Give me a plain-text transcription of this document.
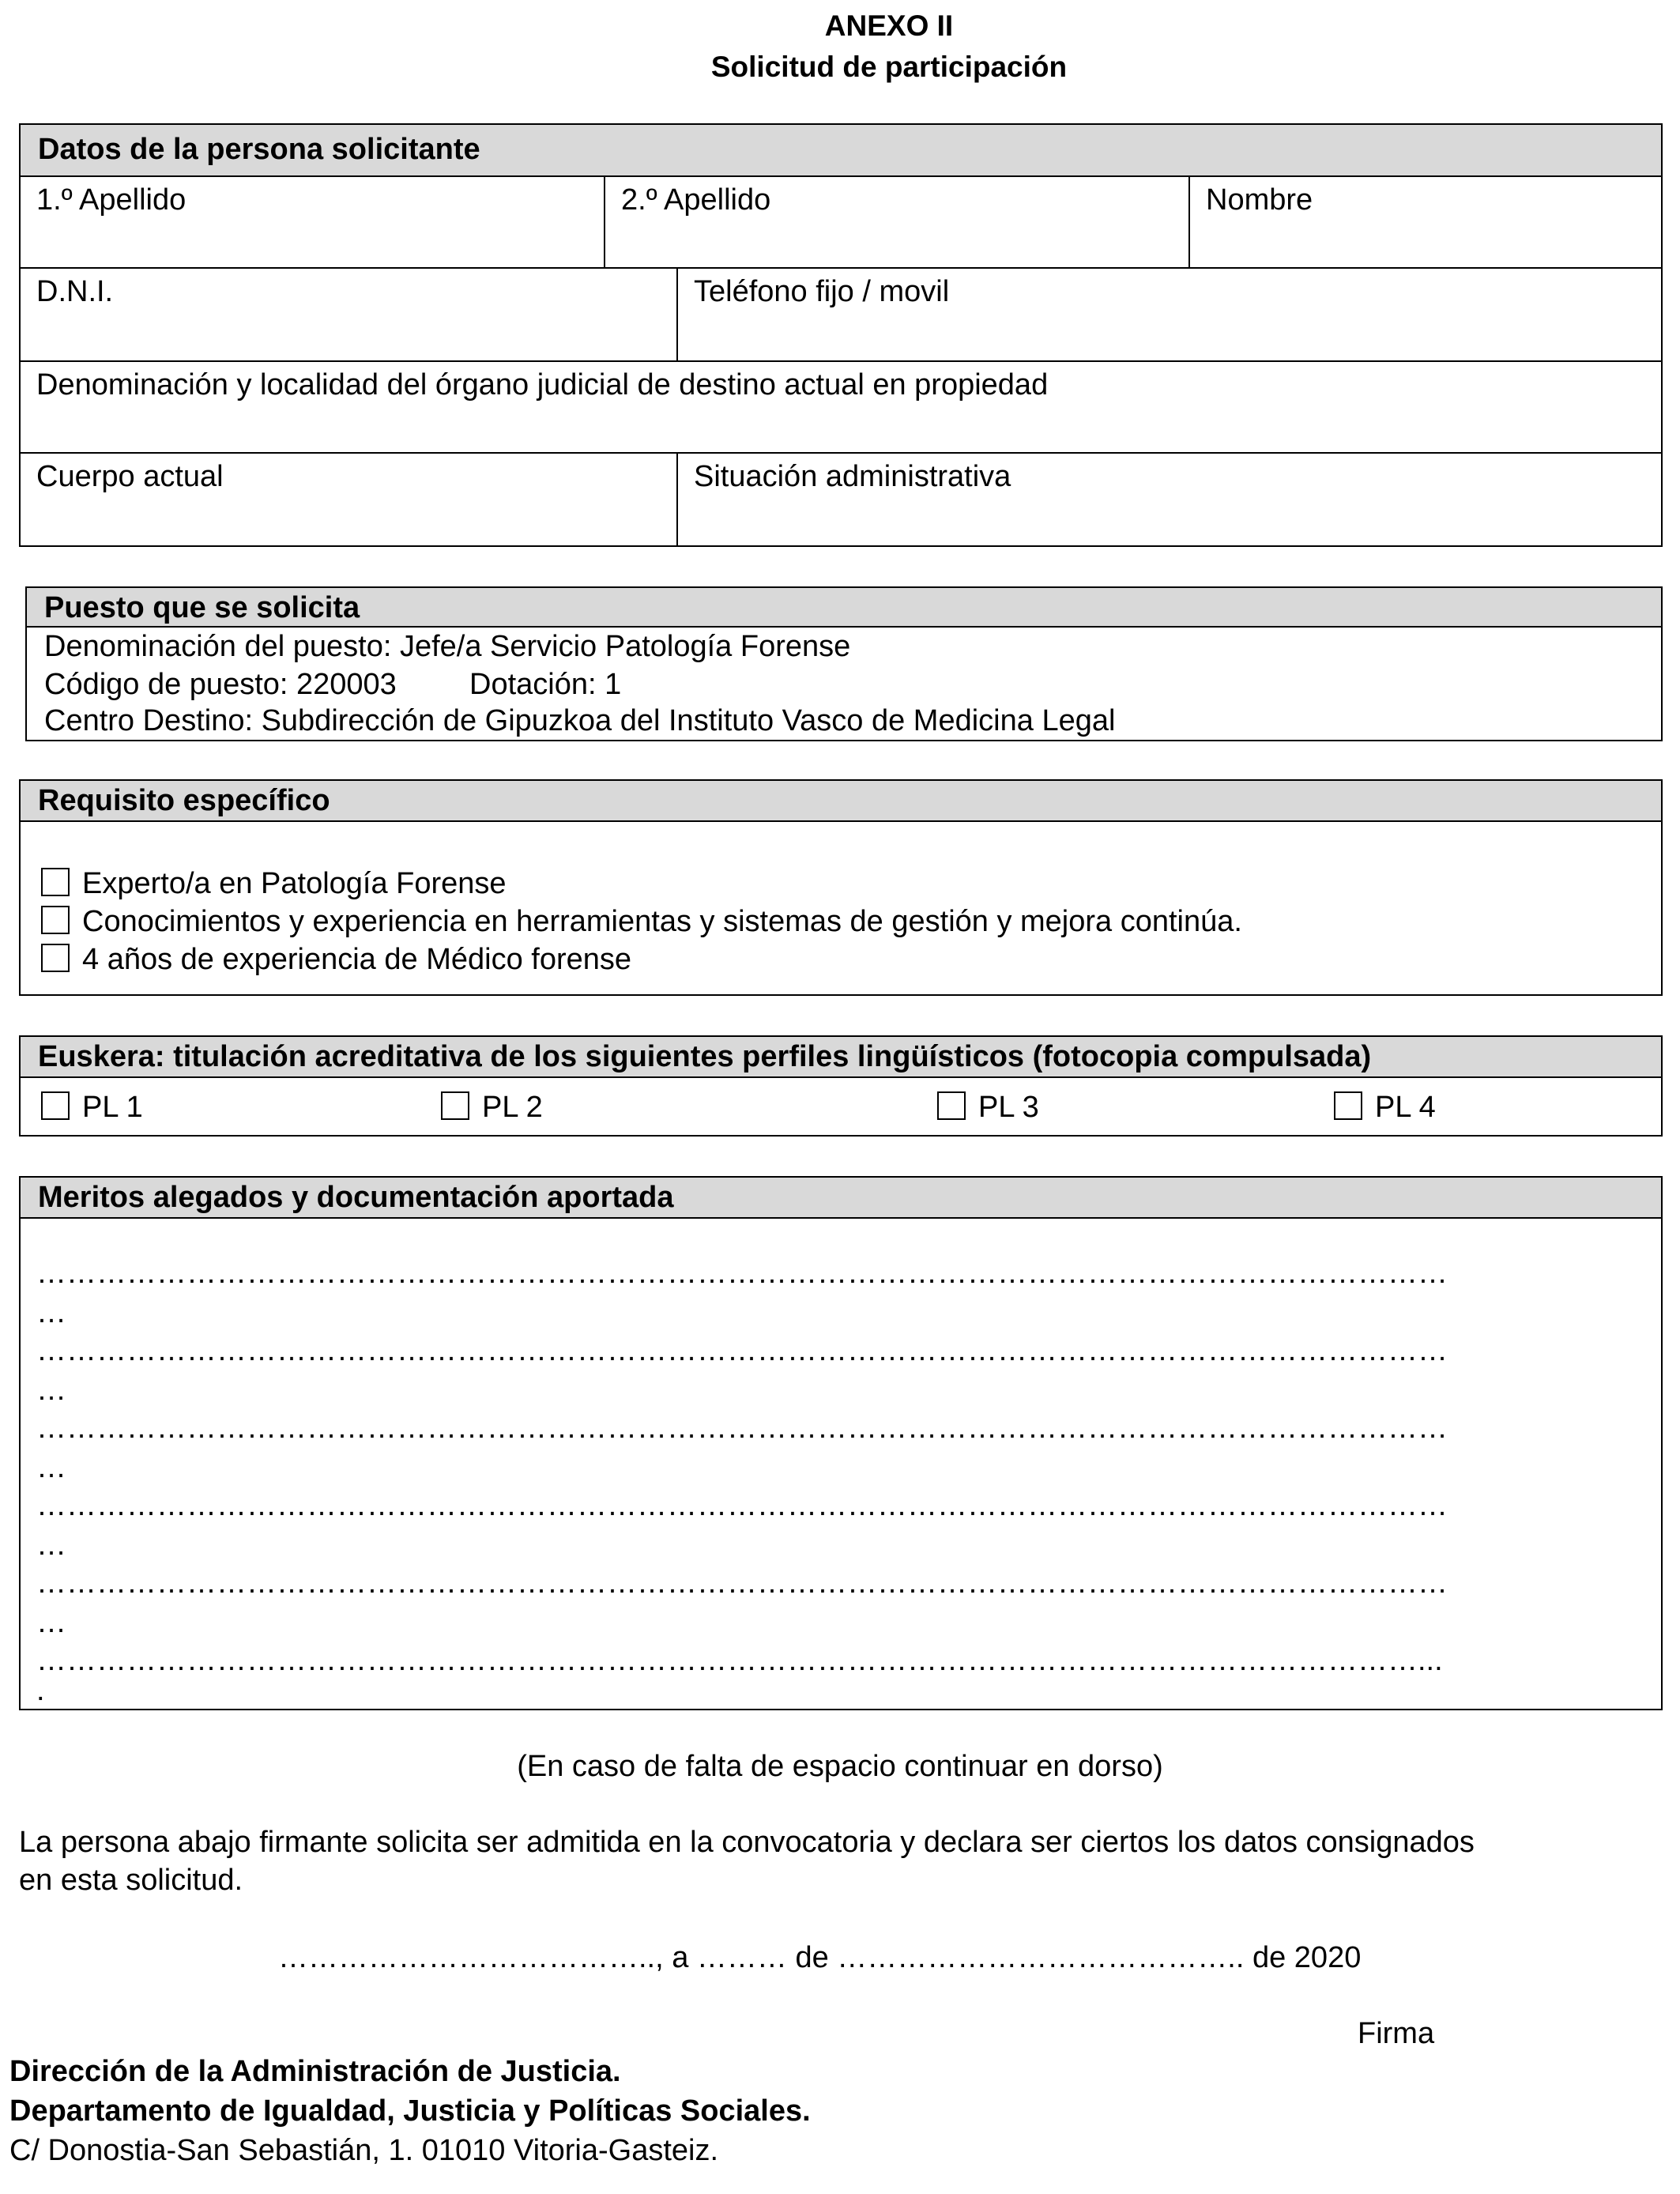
ANEXO II
Solicitud de participación
Datos de la persona solicitante
1.º Apellido	2.º Apellido	Nombre
D.N.I.	Teléfono fijo / movil
Denominación y localidad del órgano judicial de destino actual en propiedad
Cuerpo actual	Situación administrativa
Puesto que se solicita
Denominación del puesto: Jefe/a Servicio Patología Forense
Código de puesto: 220003 Dotación: 1
Centro Destino: Subdirección de Gipuzkoa del Instituto Vasco de Medicina Legal
Requisito específico
Experto/a en Patología Forense
Conocimientos y experiencia en herramientas y sistemas de gestión y mejora continúa.
4 años de experiencia de Médico forense
Euskera: titulación acreditativa de los siguientes perfiles lingüísticos (fotocopia compulsada)
PL 1	PL 2	PL 3	PL 4
Meritos alegados y documentación aportada
……………………………………………………………………………………………………………………………
…
……………………………………………………………………………………………………………………………
…
……………………………………………………………………………………………………………………………
…
……………………………………………………………………………………………………………………………
…
……………………………………………………………………………………………………………………………
…
…………………………………………………………………………………………………………………………...
.
(En caso de falta de espacio continuar en dorso)
La persona abajo firmante solicita ser admitida en la convocatoria y declara ser ciertos los datos consignados
en esta solicitud.
……………………………….., a ……… de ………………………………….. de 2020
Firma
Dirección de la Administración de Justicia.
Departamento de Igualdad, Justicia y Políticas Sociales.
C/ Donostia-San Sebastián, 1. 01010 Vitoria-Gasteiz.
